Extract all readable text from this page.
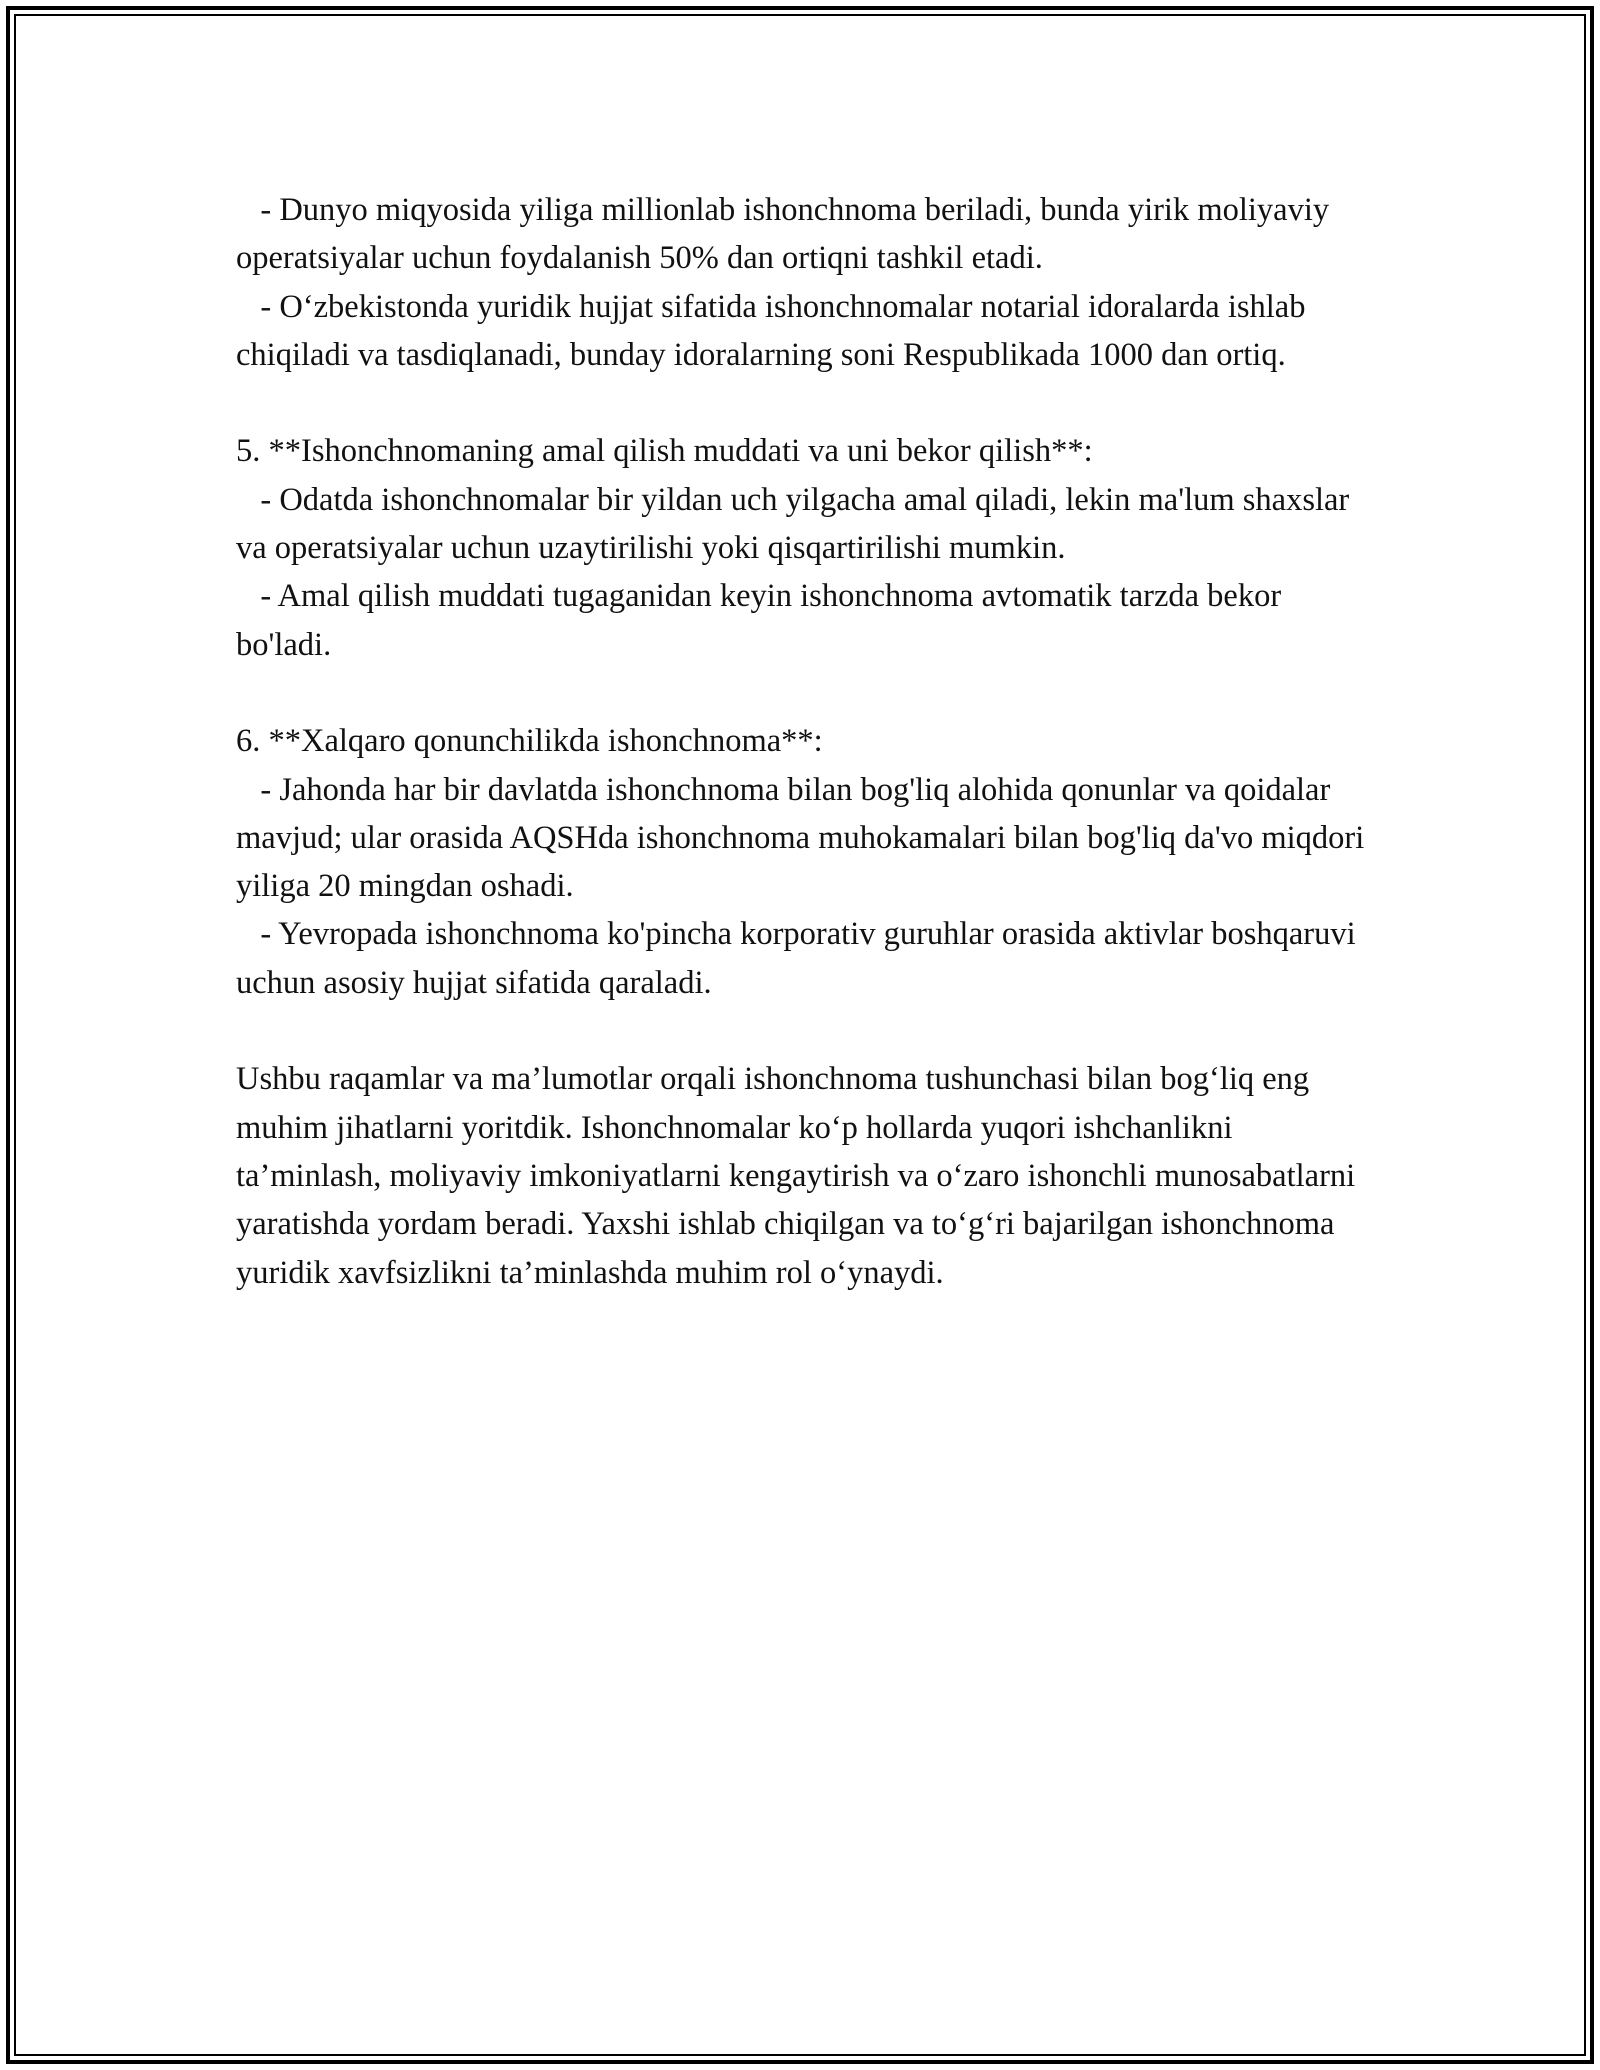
- Dunyo miqyosida yiliga millionlab ishonchnoma beriladi, bunda yirik moliyaviy operatsiyalar uchun foydalanish 50% dan ortiqni tashkil etadi.

- O‘zbekistonda yuridik hujjat sifatida ishonchnomalar notarial idoralarda ishlab chiqiladi va tasdiqlanadi, bunday idoralarning soni Respublikada 1000 dan ortiq.

5. **Ishonchnomaning amal qilish muddati va uni bekor qilish**:

- Odatda ishonchnomalar bir yildan uch yilgacha amal qiladi, lekin ma'lum shaxslar va operatsiyalar uchun uzaytirilishi yoki qisqartirilishi mumkin.

- Amal qilish muddati tugaganidan keyin ishonchnoma avtomatik tarzda bekor bo'ladi.

6. **Xalqaro qonunchilikda ishonchnoma**:

- Jahonda har bir davlatda ishonchnoma bilan bog'liq alohida qonunlar va qoidalar mavjud; ular orasida AQSHda ishonchnoma muhokamalari bilan bog'liq da'vo miqdori yiliga 20 mingdan oshadi.

- Yevropada ishonchnoma ko'pincha korporativ guruhlar orasida aktivlar boshqaruvi uchun asosiy hujjat sifatida qaraladi.

Ushbu raqamlar va ma’lumotlar orqali ishonchnoma tushunchasi bilan bog‘liq eng muhim jihatlarni yoritdik. Ishonchnomalar ko‘p hollarda yuqori ishchanlikni ta’minlash, moliyaviy imkoniyatlarni kengaytirish va o‘zaro ishonchli munosabatlarni yaratishda yordam beradi. Yaxshi ishlab chiqilgan va to‘g‘ri bajarilgan ishonchnoma yuridik xavfsizlikni ta’minlashda muhim rol o‘ynaydi.
